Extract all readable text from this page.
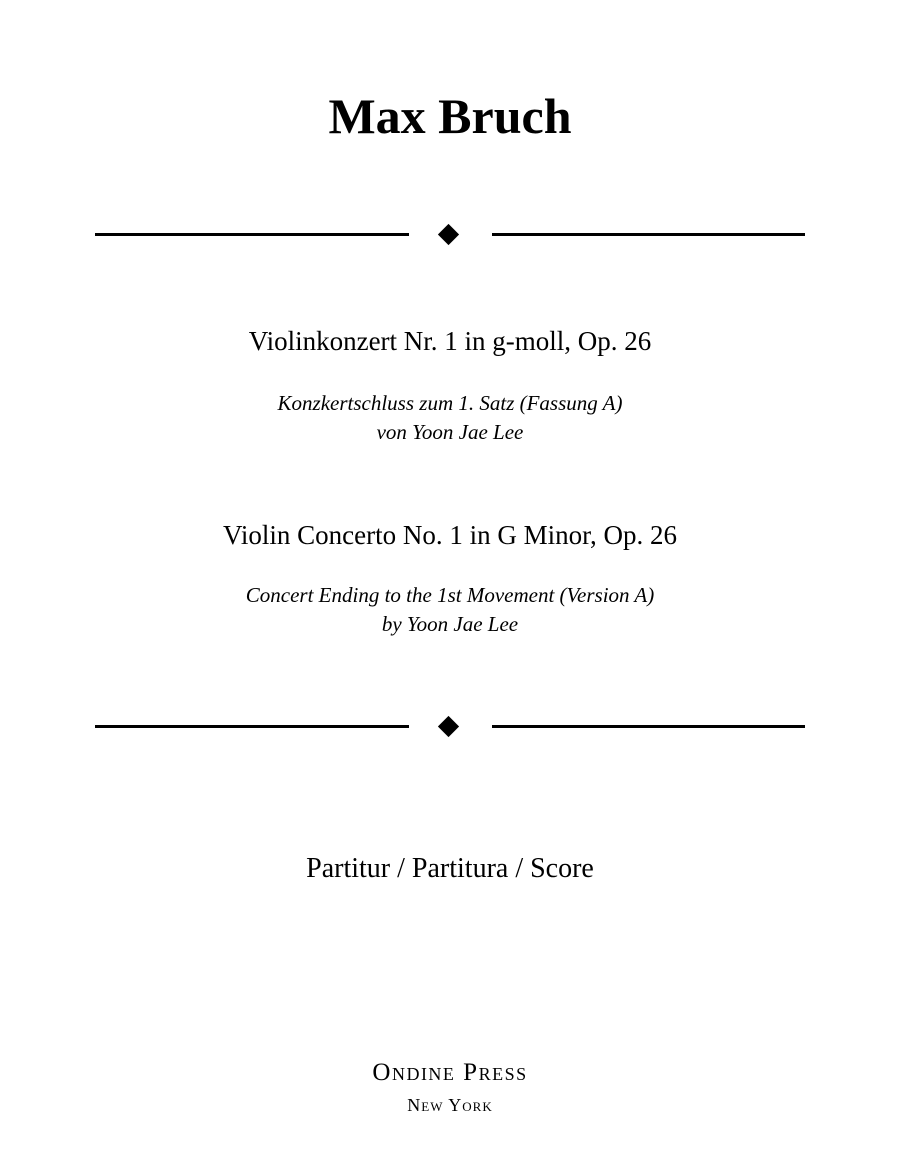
Max Bruch

Violinkonzert Nr. 1 in g-moll, Op. 26

Konzkertschluss zum 1. Satz (Fassung A)

von Yoon Jae Lee

Violin Concerto No. 1 in G Minor, Op. 26

Concert Ending to the 1st Movement (Version A)

by Yoon Jae Lee

Partitur / Partitura / Score

Ondine Press

New York
